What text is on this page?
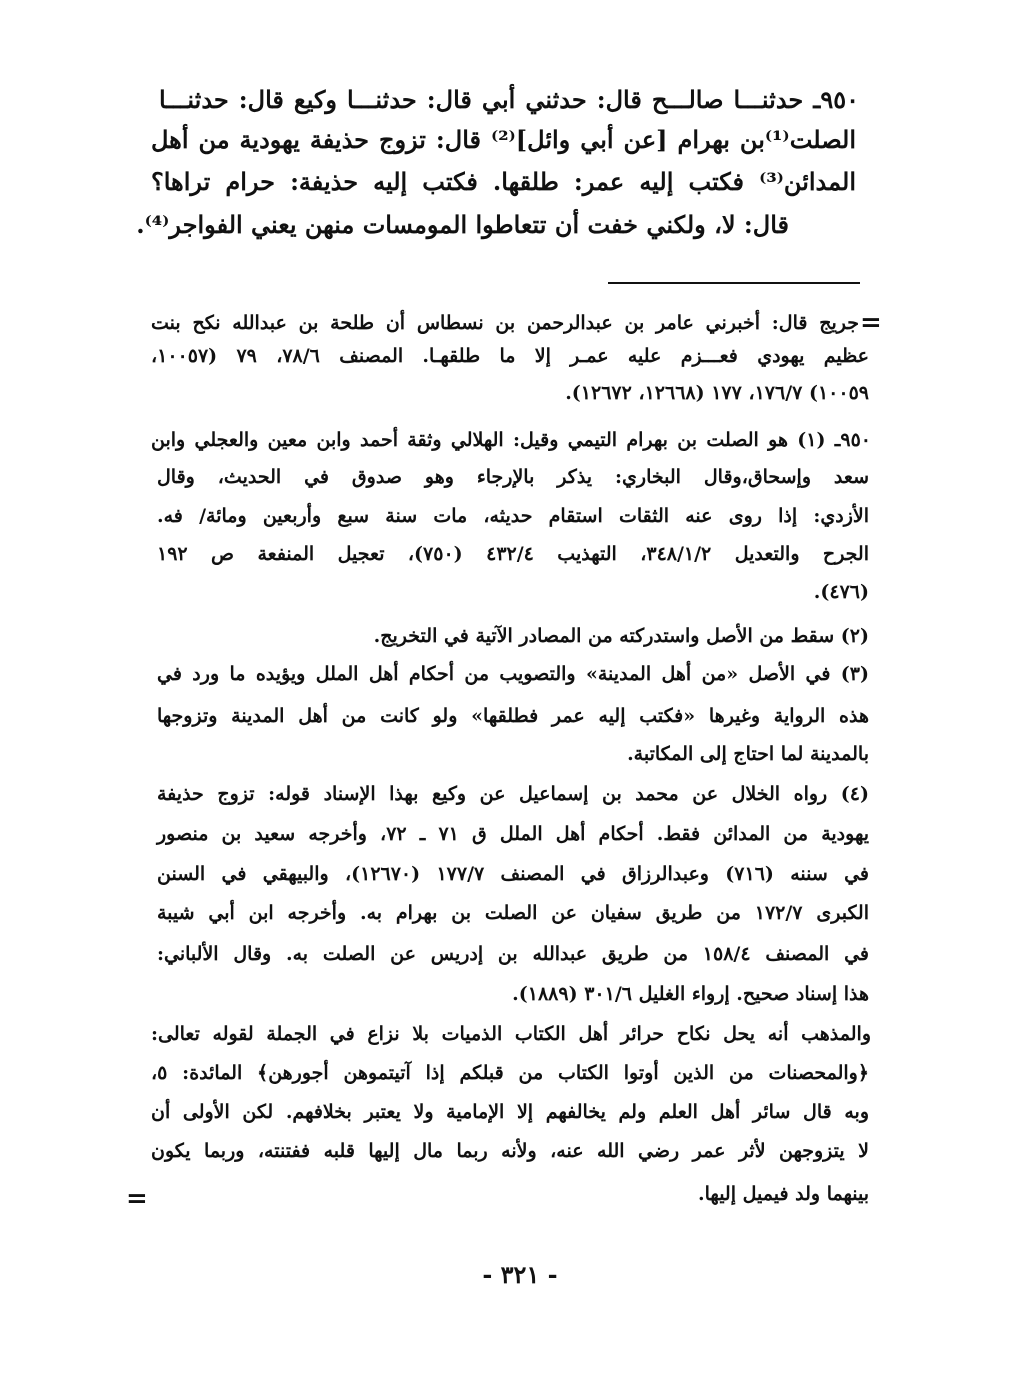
٩٥٠ـ حدثنـــا صالـــح قال: حدثني أبي قال: حدثنـــا وكيع قال: حدثنـــا
الصلت⁽¹⁾بن بهرام [عن أبي وائل]⁽²⁾ قال: تزوج حذيفة يهودية من أهل
المدائن⁽³⁾ فكتب إليه عمر: طلقها. فكتب إليه حذيفة: حرام تراها؟
قال: لا، ولكني خفت أن تتعاطوا المومسات منهن يعني الفواجر⁽⁴⁾.
=
جريج قال: أخبرني عامر بن عبدالرحمن بن نسطاس أن طلحة بن عبدالله نكح بنت
عظيم يهودي فعـــزم عليه عمـر إلا ما طلقهـا. المصنف ٧٨/٦، ٧٩ (١٠٠٥٧،
١٠٠٥٩) ١٧٦/٧، ١٧٧ (١٢٦٦٨، ١٢٦٧٢).
٩٥٠ـ (١) هو الصلت بن بهرام التيمي وقيل: الهلالي وثقة أحمد وابن معين والعجلي وابن
سعد وإسحاق،وقال البخاري: يذكر بالإرجاء وهو صدوق في الحديث، وقال
الأزدي: إذا روى عنه الثقات استقام حديثه، مات سنة سبع وأربعين ومائة/ فه.
الجرح والتعديل ٣٤٨/١/٢، التهذيب ٤٣٢/٤ (٧٥٠)، تعجيل المنفعة ص ١٩٢
(٤٧٦).
(٢) سقط من الأصل واستدركته من المصادر الآتية في التخريج.
(٣) في الأصل «من أهل المدينة» والتصويب من أحكام أهل الملل ويؤيده ما ورد في
هذه الرواية وغيرها «فكتب إليه عمر فطلقها» ولو كانت من أهل المدينة وتزوجها
بالمدينة لما احتاج إلى المكاتبة.
(٤) رواه الخلال عن محمد بن إسماعيل عن وكيع بهذا الإسناد قوله: تزوج حذيفة
يهودية من المدائن فقط. أحكام أهل الملل ق ٧١ ـ ٧٢، وأخرجه سعيد بن منصور
في سننه (٧١٦) وعبدالرزاق في المصنف ١٧٧/٧ (١٢٦٧٠)، والبيهقي في السنن
الكبرى ١٧٢/٧ من طريق سفيان عن الصلت بن بهرام به. وأخرجه ابن أبي شيبة
في المصنف ١٥٨/٤ من طريق عبدالله بن إدريس عن الصلت به. وقال الألباني:
هذا إسناد صحيح. إرواء الغليل ٣٠١/٦ (١٨٨٩).
والمذهب أنه يحل نكاح حرائر أهل الكتاب الذميات بلا نزاع في الجملة لقوله تعالى:
﴿والمحصنات من الذين أوتوا الكتاب من قبلكم إذا آتيتموهن أجورهن﴾ المائدة: ٥،
وبه قال سائر أهل العلم ولم يخالفهم إلا الإمامية ولا يعتبر بخلافهم. لكن الأولى أن
لا يتزوجهن لأثر عمر رضي الله عنه، ولأنه ربما مال إليها قلبه ففتنته، وربما يكون
بينهما ولد فيميل إليها.
=
- ٣٢١ -
